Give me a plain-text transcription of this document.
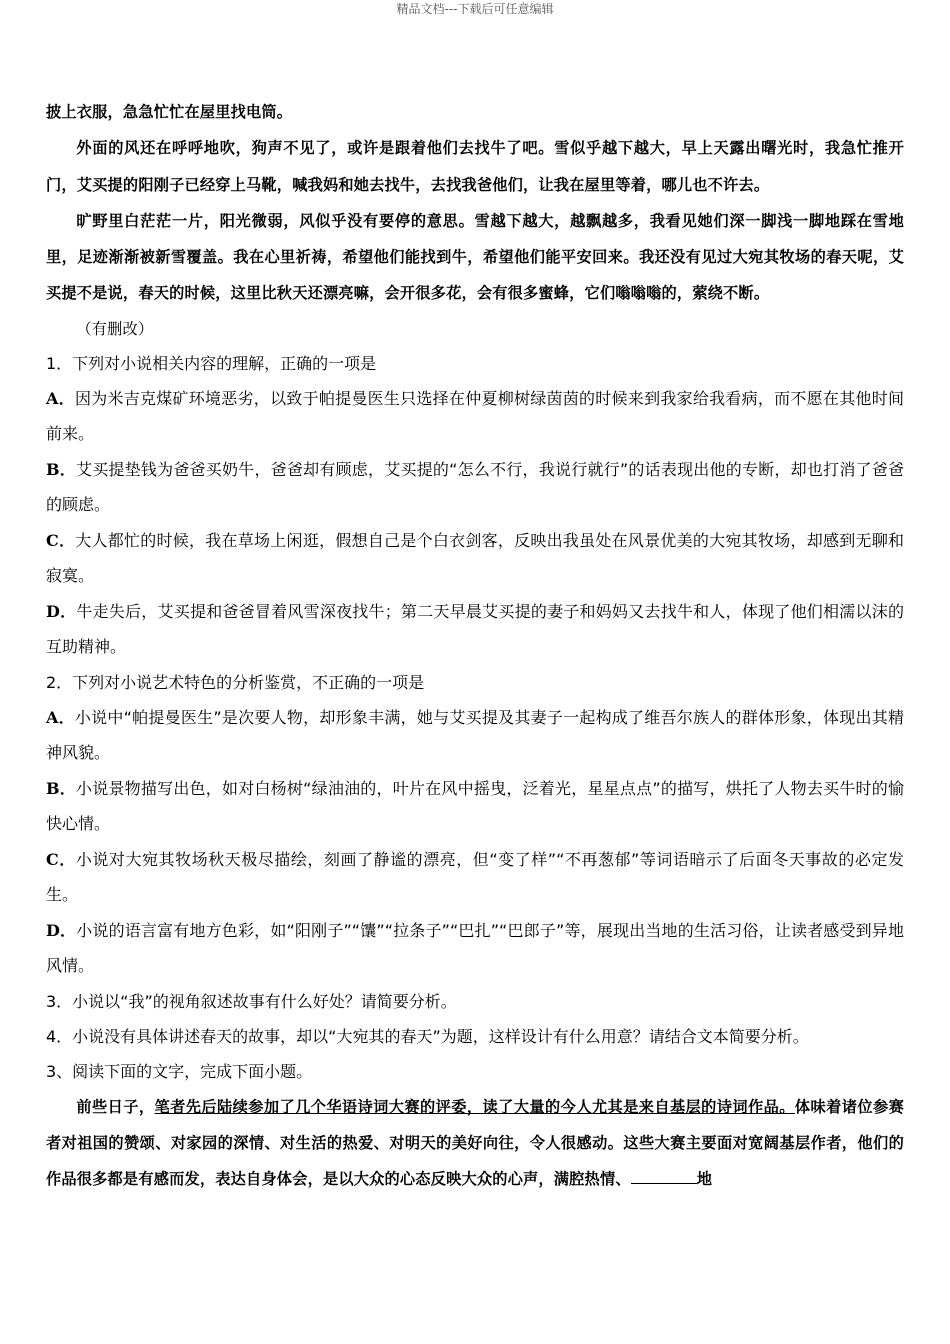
精品文档---下载后可任意编辑

披上衣服，急急忙忙在屋里找电筒。

外面的风还在呼呼地吹，狗声不见了，或许是跟着他们去找牛了吧。雪似乎越下越大，早上天露出曙光时，我急忙推开门，艾买提的阳刚子已经穿上马靴，喊我妈和她去找牛，去找我爸他们，让我在屋里等着，哪儿也不许去。

旷野里白茫茫一片，阳光微弱，风似乎没有要停的意思。雪越下越大，越飘越多，我看见她们深一脚浅一脚地踩在雪地里，足迹渐渐被新雪覆盖。我在心里祈祷，希望他们能找到牛，希望他们能平安回来。我还没有见过大宛其牧场的春天呢，艾买提不是说，春天的时候，这里比秋天还漂亮嘛，会开很多花，会有很多蜜蜂，它们嗡嗡嗡的，萦绕不断。

（有删改）

1．下列对小说相关内容的理解，正确的一项是

A．因为米吉克煤矿环境恶劣，以致于帕提曼医生只选择在仲夏柳树绿茵茵的时候来到我家给我看病，而不愿在其他时间前来。

B．艾买提垫钱为爸爸买奶牛，爸爸却有顾虑，艾买提的“怎么不行，我说行就行”的话表现出他的专断，却也打消了爸爸的顾虑。

C．大人都忙的时候，我在草场上闲逛，假想自己是个白衣剑客，反映出我虽处在风景优美的大宛其牧场，却感到无聊和寂寞。

D．牛走失后，艾买提和爸爸冒着风雪深夜找牛；第二天早晨艾买提的妻子和妈妈又去找牛和人，体现了他们相濡以沫的互助精神。

2．下列对小说艺术特色的分析鉴赏，不正确的一项是

A．小说中“帕提曼医生”是次要人物，却形象丰满，她与艾买提及其妻子一起构成了维吾尔族人的群体形象，体现出其精神风貌。

B．小说景物描写出色，如对白杨树“绿油油的，叶片在风中摇曳，泛着光，星星点点”的描写，烘托了人物去买牛时的愉快心情。

C．小说对大宛其牧场秋天极尽描绘，刻画了静谧的漂亮，但“变了样”“不再葱郁”等词语暗示了后面冬天事故的必定发生。

D．小说的语言富有地方色彩，如“阳刚子”“馕”“拉条子”“巴扎”“巴郎子”等，展现出当地的生活习俗，让读者感受到异地风情。

3．小说以“我”的视角叙述故事有什么好处？请简要分析。

4．小说没有具体讲述春天的故事，却以“大宛其的春天”为题，这样设计有什么用意？请结合文本简要分析。

3、阅读下面的文字，完成下面小题。

前些日子，笔者先后陆续参加了几个华语诗词大赛的评委，读了大量的今人尤其是来自基层的诗词作品。体味着诸位参赛者对祖国的赞颂、对家园的深情、对生活的热爱、对明天的美好向往，令人很感动。这些大赛主要面对宽阔基层作者，他们的作品很多都是有感而发，表达自身体会，是以大众的心态反映大众的心声，满腔热情、	地
